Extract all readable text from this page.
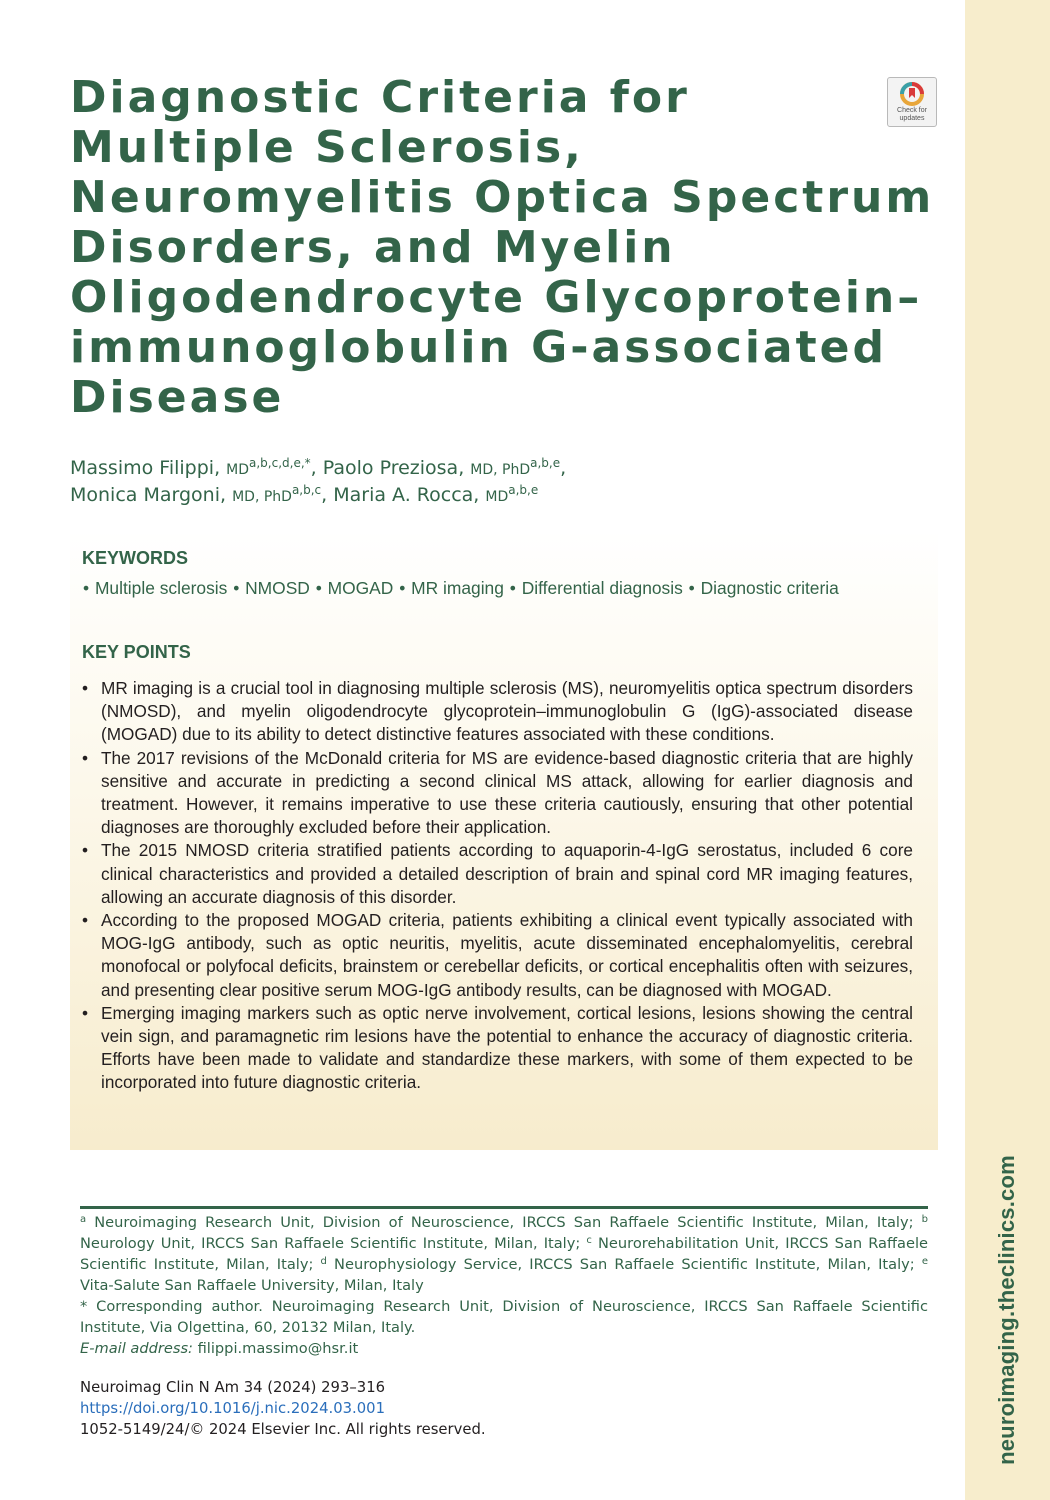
neuroimaging.theclinics.com
Diagnostic Criteria for
Multiple Sclerosis,
Neuromyelitis Optica Spectrum
Disorders, and Myelin
Oligodendrocyte Glycoprotein–
immunoglobulin G-associated
Disease
Check for
updates
Massimo Filippi, $MD^{a,b,c,d,e,*}$, Paolo Preziosa, MD, PhD$^{a,b,e}$,
Monica Margoni, MD, PhD$^{a,b,c}$, Maria A. Rocca, MD$^{a,b,e}$
KEYWORDS
• Multiple sclerosis • NMOSD • MOGAD • MR imaging • Differential diagnosis • Diagnostic criteria
KEY POINTS
• MR imaging is a crucial tool in diagnosing multiple sclerosis (MS), neuromyelitis optica spectrum disorders (NMOSD), and myelin oligodendrocyte glycoprotein–immunoglobulin G (IgG)-associated disease (MOGAD) due to its ability to detect distinctive features associated with these conditions.
• The 2017 revisions of the McDonald criteria for MS are evidence-based diagnostic criteria that are highly sensitive and accurate in predicting a second clinical MS attack, allowing for earlier diagnosis and treatment. However, it remains imperative to use these criteria cautiously, ensuring that other potential diagnoses are thoroughly excluded before their application.
• The 2015 NMOSD criteria stratified patients according to aquaporin-4-IgG serostatus, included 6 core clinical characteristics and provided a detailed description of brain and spinal cord MR imaging features, allowing an accurate diagnosis of this disorder.
• According to the proposed MOGAD criteria, patients exhibiting a clinical event typically associated with MOG-IgG antibody, such as optic neuritis, myelitis, acute disseminated encephalomyelitis, cerebral monofocal or polyfocal deficits, brainstem or cerebellar deficits, or cortical encephalitis often with seizures, and presenting clear positive serum MOG-IgG antibody results, can be diagnosed with MOGAD.
• Emerging imaging markers such as optic nerve involvement, cortical lesions, lesions showing the central vein sign, and paramagnetic rim lesions have the potential to enhance the accuracy of diagnostic criteria. Efforts have been made to validate and standardize these markers, with some of them expected to be incorporated into future diagnostic criteria.

$^a$ Neuroimaging Research Unit, Division of Neuroscience, IRCCS San Raffaele Scientific Institute, Milan, Italy; $^b$ Neurology Unit, IRCCS San Raffaele Scientific Institute, Milan, Italy; $^c$ Neurorehabilitation Unit, IRCCS San Raffaele Scientific Institute, Milan, Italy; $^d$ Neurophysiology Service, IRCCS San Raffaele Scientific Institute, Milan, Italy; $^e$ Vita-Salute San Raffaele University, Milan, Italy

* Corresponding author. Neuroimaging Research Unit, Division of Neuroscience, IRCCS San Raffaele Scientific Institute, Via Olgettina, 60, 20132 Milan, Italy.

E-mail address: filippi.massimo@hsr.it

Neuroimag Clin N Am 34 (2024) 293–316
https://doi.org/10.1016/j.nic.2024.03.001
1052-5149/24/© 2024 Elsevier Inc. All rights reserved.
